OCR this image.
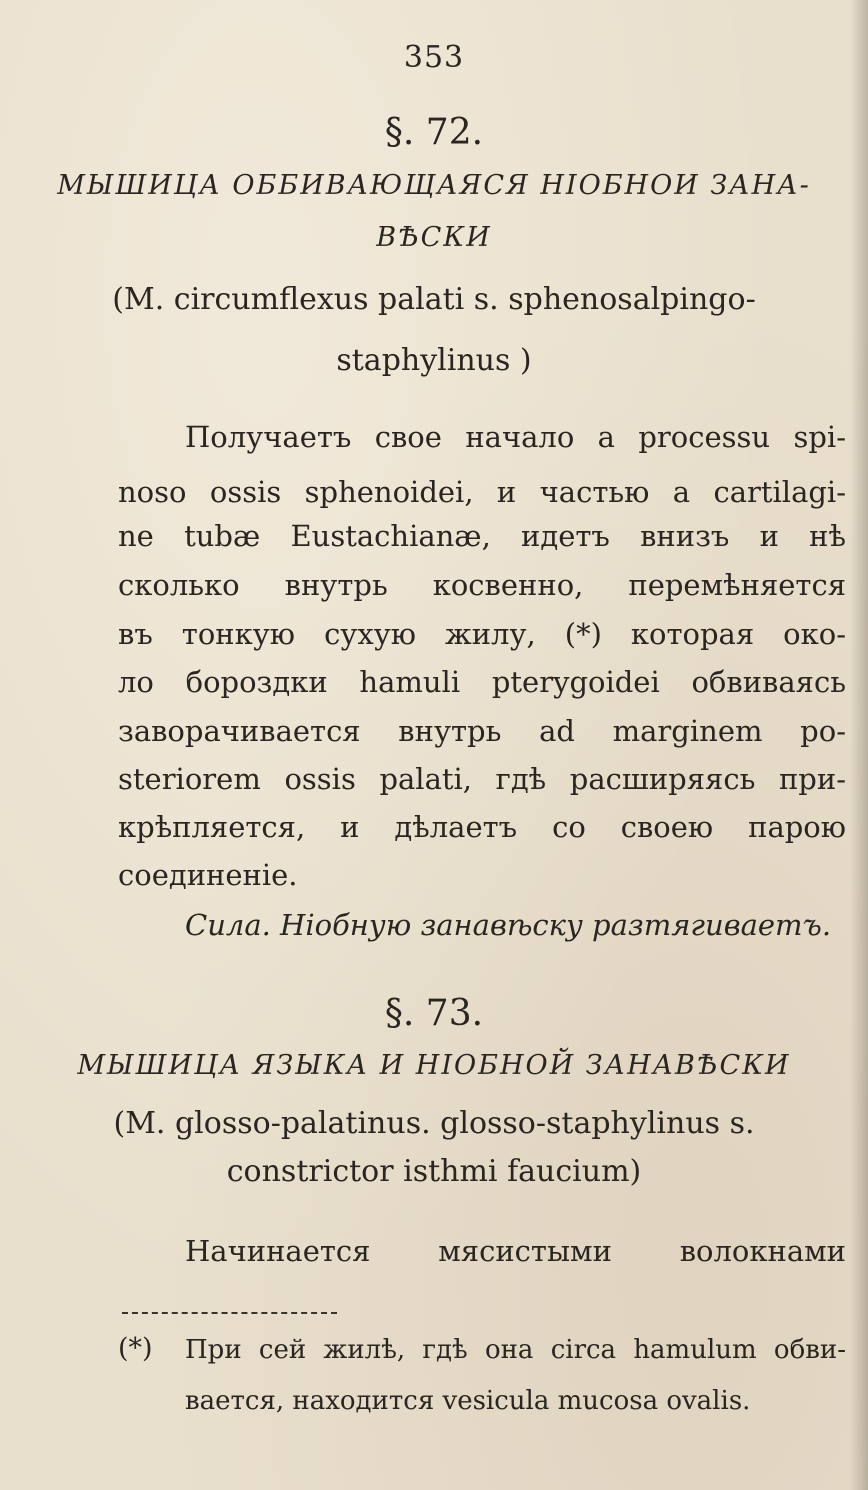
353
§. 72.
МЫШИЦА ОББИВАЮЩАЯСЯ НІОБНОИ ЗАНА-
ВѢСКИ
(M. circumflexus palati s. sphenosalpingo-
staphylinus )
Получаетъ свое начало a processu spi-
noso ossis sphenoidei, и частью a cartilagi-
ne tubæ Eustachianæ, идетъ внизъ и нѣ
сколько внутрь косвенно, перемѣняется
въ тонкую сухую жилу, (*) которая око-
ло бороздки hamuli pterygoidei обвиваясь
заворачивается внутрь ad marginem po-
steriorem ossis palati, гдѣ расширяясь при-
крѣпляется, и дѣлаетъ со своею парою
соединеніе.
Сила. Ніобную занавѣску разтягиваетъ.
§. 73.
МЫШИЦА ЯЗЫКА И НІОБНОЙ ЗАНАВѢСКИ
(M. glosso-palatinus. glosso-staphylinus s.
constrictor isthmi faucium)
Начинается мясистыми волокнами
(*) При сей жилѣ, гдѣ она circa hamulum обви-
вается, находится vesicula mucosa ovalis.
